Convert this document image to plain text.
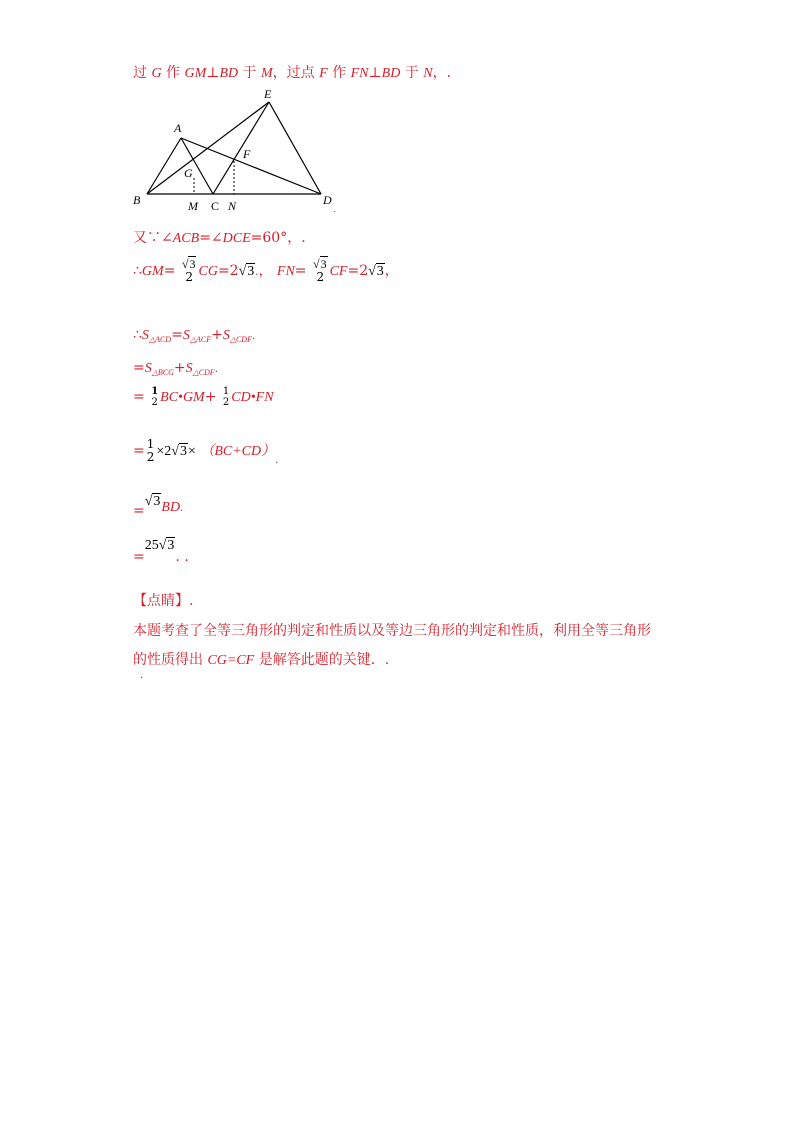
过 G 作 GM⊥BD 于 M，过点 F 作 FN⊥BD 于 N，.
A
B	C	D
E
F
G
M	N	.
又∵∠ACB=∠DCE=60°，.
∴GM= √3
2 CG=2√3.， FN= √3
2 CF=2√3，
$\therefore S_{\triangle ACD}=S_{\triangle ACF}+S_{\triangle CDF}$.
$=S_{\triangle BCG}+S_{\triangle CDF}$.
= 1
2 BC•GM+ 1
2 CD•FN
= 1
$2 \times 2√3\times (BC+CD)_.$
=√3BD.
=25√3. .
【点睛】.
本题考查了全等三角形的判定和性质以及等边三角形的判定和性质，利用全等三角形
的性质得出 CG=CF 是解答此题的关键．.
.
